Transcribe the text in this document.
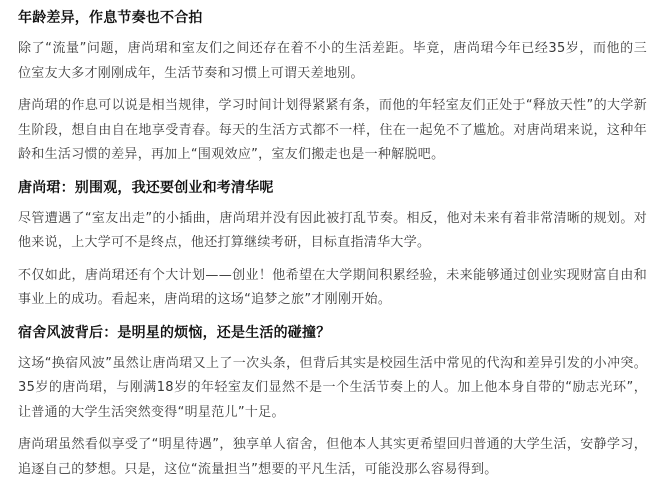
年龄差异，作息节奏也不合拍

除了“流量”问题，唐尚珺和室友们之间还存在着不小的生活差距。毕竟，唐尚珺今年已经35岁，而他的三位室友大多才刚刚成年，生活节奏和习惯上可谓天差地别。

唐尚珺的作息可以说是相当规律，学习时间计划得紧紧有条，而他的年轻室友们正处于“释放天性”的大学新生阶段，想自由自在地享受青春。每天的生活方式都不一样，住在一起免不了尴尬。对唐尚珺来说，这种年龄和生活习惯的差异，再加上“围观效应”，室友们搬走也是一种解脱吧。

唐尚珺：别围观，我还要创业和考清华呢

尽管遭遇了“室友出走”的小插曲，唐尚珺并没有因此被打乱节奏。相反，他对未来有着非常清晰的规划。对他来说，上大学可不是终点，他还打算继续考研，目标直指清华大学。

不仅如此，唐尚珺还有个大计划——创业！他希望在大学期间积累经验，未来能够通过创业实现财富自由和事业上的成功。看起来，唐尚珺的这场“追梦之旅”才刚刚开始。

宿舍风波背后：是明星的烦恼，还是生活的碰撞？

这场“换宿风波”虽然让唐尚珺又上了一次头条，但背后其实是校园生活中常见的代沟和差异引发的小冲突。35岁的唐尚珺，与刚满18岁的年轻室友们显然不是一个生活节奏上的人。加上他本身自带的“励志光环”，让普通的大学生活突然变得“明星范儿”十足。

唐尚珺虽然看似享受了“明星待遇”，独享单人宿舍，但他本人其实更希望回归普通的大学生活，安静学习，追逐自己的梦想。只是，这位“流量担当”想要的平凡生活，可能没那么容易得到。
